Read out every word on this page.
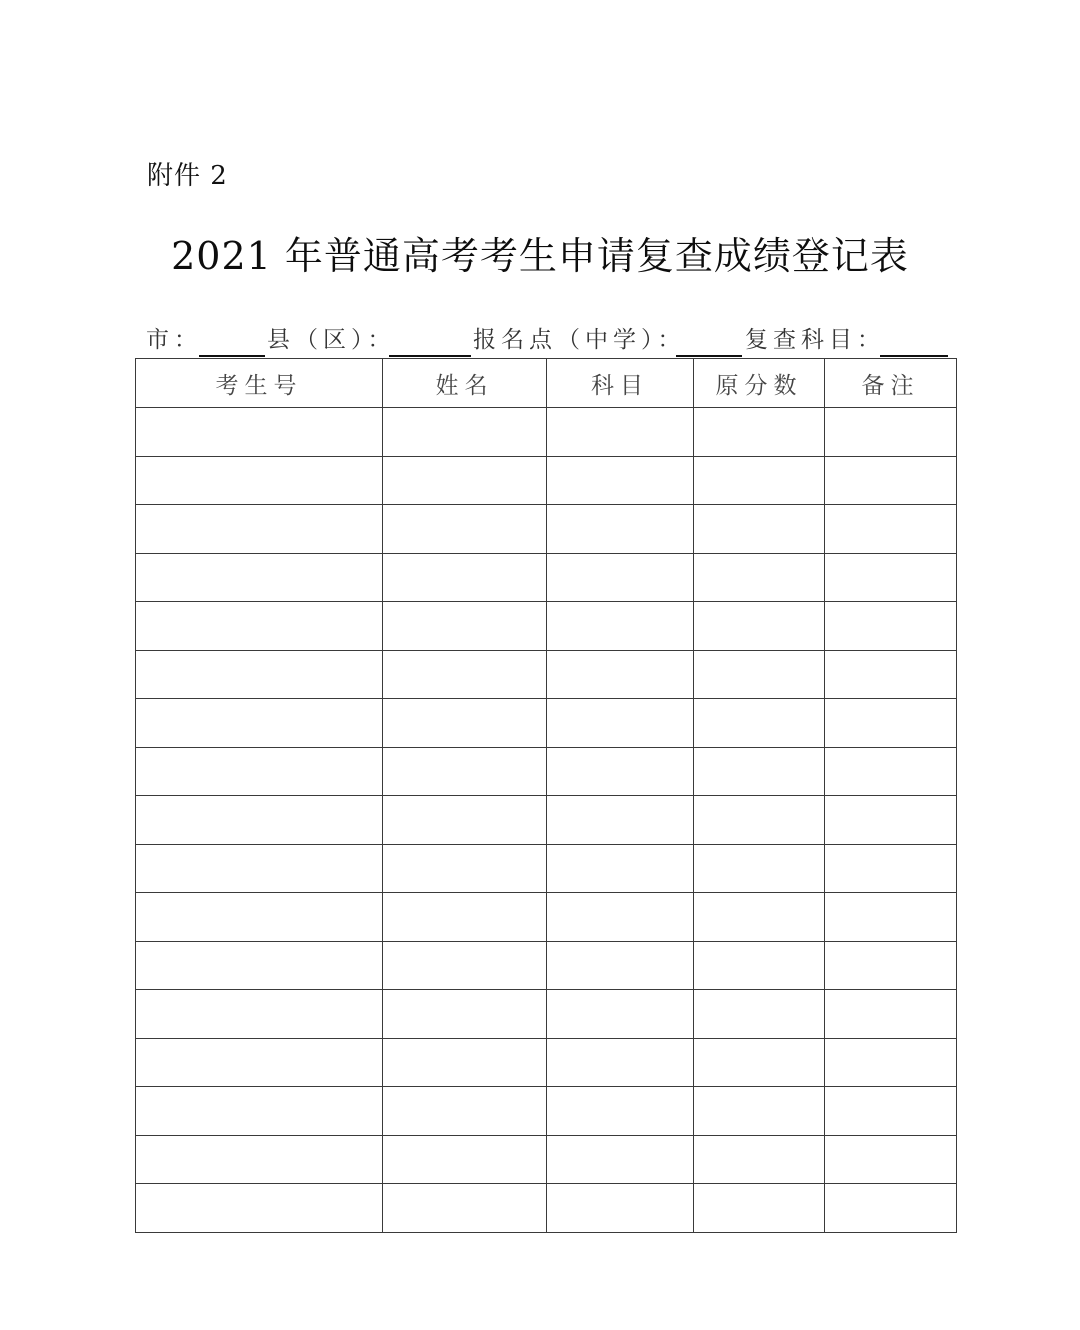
附件 2
2021 年普通高考考生申请复查成绩登记表
市：	县（区）：	报名点（中学）：	复查科目：
考生号	姓名	科目	原分数	备注
